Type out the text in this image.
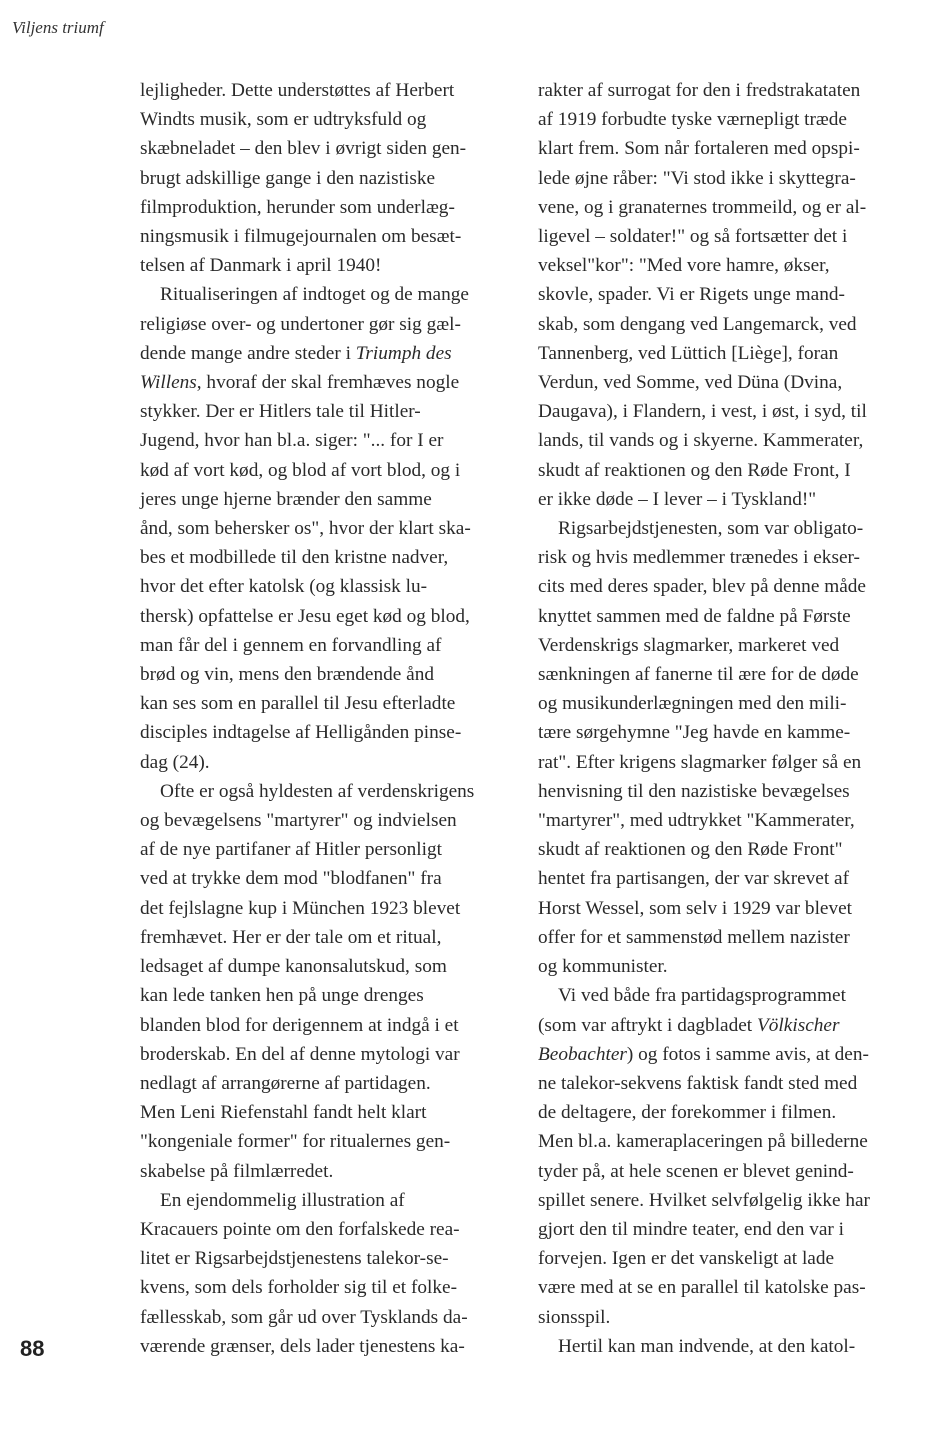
Viljens triumf
lejligheder. Dette understøttes af Herbert
Windts musik, som er udtryksfuld og
skæbneladet – den blev i øvrigt siden gen-
brugt adskillige gange i den nazistiske
filmproduktion, herunder som underlæg-
ningsmusik i filmugejournalen om besæt-
telsen af Danmark i april 1940!
Ritualiseringen af indtoget og de mange
religiøse over- og undertoner gør sig gæl-
dende mange andre steder i Triumph des
Willens, hvoraf der skal fremhæves nogle
stykker. Der er Hitlers tale til Hitler-
Jugend, hvor han bl.a. siger: "... for I er
kød af vort kød, og blod af vort blod, og i
jeres unge hjerne brænder den samme
ånd, som behersker os", hvor der klart ska-
bes et modbillede til den kristne nadver,
hvor det efter katolsk (og klassisk lu-
thersk) opfattelse er Jesu eget kød og blod,
man får del i gennem en forvandling af
brød og vin, mens den brændende ånd
kan ses som en parallel til Jesu efterladte
disciples indtagelse af Helligånden pinse-
dag (24).
Ofte er også hyldesten af verdenskrigens
og bevægelsens "martyrer" og indvielsen
af de nye partifaner af Hitler personligt
ved at trykke dem mod "blodfanen" fra
det fejlslagne kup i München 1923 blevet
fremhævet. Her er der tale om et ritual,
ledsaget af dumpe kanonsalutskud, som
kan lede tanken hen på unge drenges
blanden blod for derigennem at indgå i et
broderskab. En del af denne mytologi var
nedlagt af arrangørerne af partidagen.
Men Leni Riefenstahl fandt helt klart
"kongeniale former" for ritualernes gen-
skabelse på filmlærredet.
En ejendommelig illustration af
Kracauers pointe om den forfalskede rea-
litet er Rigsarbejdstjenestens talekor-se-
kvens, som dels forholder sig til et folke-
fællesskab, som går ud over Tysklands da-
værende grænser, dels lader tjenestens ka-
rakter af surrogat for den i fredstrakataten
af 1919 forbudte tyske værnepligt træde
klart frem. Som når fortaleren med opspi-
lede øjne råber: "Vi stod ikke i skyttegra-
vene, og i granaternes trommeild, og er al-
ligevel – soldater!" og så fortsætter det i
veksel"kor": "Med vore hamre, økser,
skovle, spader. Vi er Rigets unge mand-
skab, som dengang ved Langemarck, ved
Tannenberg, ved Lüttich [Liège], foran
Verdun, ved Somme, ved Düna (Dvina,
Daugava), i Flandern, i vest, i øst, i syd, til
lands, til vands og i skyerne. Kammerater,
skudt af reaktionen og den Røde Front, I
er ikke døde – I lever – i Tyskland!"
Rigsarbejdstjenesten, som var obligato-
risk og hvis medlemmer trænedes i ekser-
cits med deres spader, blev på denne måde
knyttet sammen med de faldne på Første
Verdenskrigs slagmarker, markeret ved
sænkningen af fanerne til ære for de døde
og musikunderlægningen med den mili-
tære sørgehymne "Jeg havde en kamme-
rat". Efter krigens slagmarker følger så en
henvisning til den nazistiske bevægelses
"martyrer", med udtrykket "Kammerater,
skudt af reaktionen og den Røde Front"
hentet fra partisangen, der var skrevet af
Horst Wessel, som selv i 1929 var blevet
offer for et sammenstød mellem nazister
og kommunister.
Vi ved både fra partidagsprogrammet
(som var aftrykt i dagbladet Völkischer
Beobachter) og fotos i samme avis, at den-
ne talekor-sekvens faktisk fandt sted med
de deltagere, der forekommer i filmen.
Men bl.a. kameraplaceringen på billederne
tyder på, at hele scenen er blevet genind-
spillet senere. Hvilket selvfølgelig ikke har
gjort den til mindre teater, end den var i
forvejen. Igen er det vanskeligt at lade
være med at se en parallel til katolske pas-
sionsspil.
Hertil kan man indvende, at den katol-
88
